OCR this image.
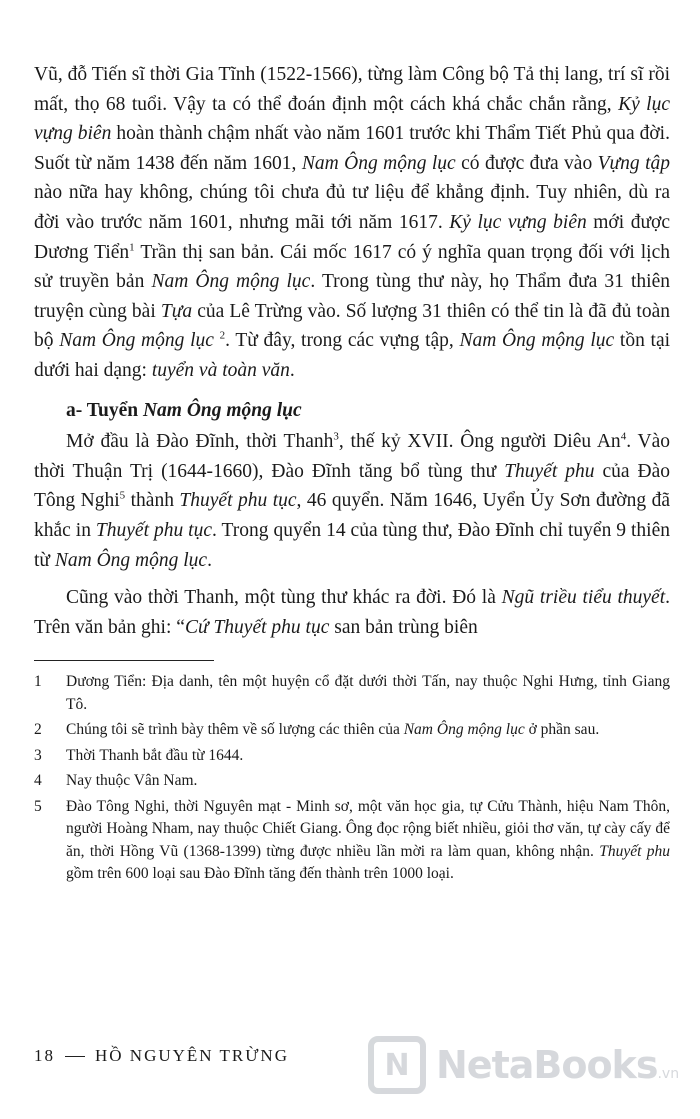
Vũ, đỗ Tiến sĩ thời Gia Tĩnh (1522-1566), từng làm Công bộ Tả thị lang, trí sĩ rồi mất, thọ 68 tuổi. Vậy ta có thể đoán định một cách khá chắc chắn rằng, Kỷ lục vựng biên hoàn thành chậm nhất vào năm 1601 trước khi Thẩm Tiết Phủ qua đời. Suốt từ năm 1438 đến năm 1601, Nam Ông mộng lục có được đưa vào Vựng tập nào nữa hay không, chúng tôi chưa đủ tư liệu để khẳng định. Tuy nhiên, dù ra đời vào trước năm 1601, nhưng mãi tới năm 1617. Kỷ lục vựng biên mới được Dương Tiển$^1$ Trần thị san bản. Cái mốc 1617 có ý nghĩa quan trọng đối với lịch sử truyền bản Nam Ông mộng lục. Trong tùng thư này, họ Thẩm đưa 31 thiên truyện cùng bài Tựa của Lê Trừng vào. Số lượng 31 thiên có thể tin là đã đủ toàn bộ Nam Ông mộng lục $^2$. Từ đây, trong các vựng tập, Nam Ông mộng lục tồn tại dưới hai dạng: tuyển và toàn văn.

a- Tuyển Nam Ông mộng lục

Mở đầu là Đào Đĩnh, thời Thanh$^3$, thế kỷ XVII. Ông người Diêu An$^4$. Vào thời Thuận Trị (1644-1660), Đào Đĩnh tăng bổ tùng thư Thuyết phu của Đào Tông Nghi$^5$ thành Thuyết phu tục, 46 quyển. Năm 1646, Uyển Ủy Sơn đường đã khắc in Thuyết phu tục. Trong quyển 14 của tùng thư, Đào Đĩnh chỉ tuyển 9 thiên từ Nam Ông mộng lục.

Cũng vào thời Thanh, một tùng thư khác ra đời. Đó là Ngũ triều tiểu thuyết. Trên văn bản ghi: “Cứ Thuyết phu tục san bản trùng biên

1	Dương Tiển: Địa danh, tên một huyện cổ đặt dưới thời Tấn, nay thuộc Nghi Hưng, tỉnh Giang Tô.
2	Chúng tôi sẽ trình bày thêm về số lượng các thiên của Nam Ông mộng lục ở phần sau.
3	Thời Thanh bắt đầu từ 1644.
4	Nay thuộc Vân Nam.
5	Đào Tông Nghi, thời Nguyên mạt - Minh sơ, một văn học gia, tự Cửu Thành, hiệu Nam Thôn, người Hoàng Nham, nay thuộc Chiết Giang. Ông đọc rộng biết nhiều, giỏi thơ văn, tự cày cấy để ăn, thời Hồng Vũ (1368-1399) từng được nhiều lần mời ra làm quan, không nhận. Thuyết phu gồm trên 600 loại sau Đào Đĩnh tăng đến thành trên 1000 loại.
18 HỒ NGUYÊN TRỪNG	N NetaBooks.vn
